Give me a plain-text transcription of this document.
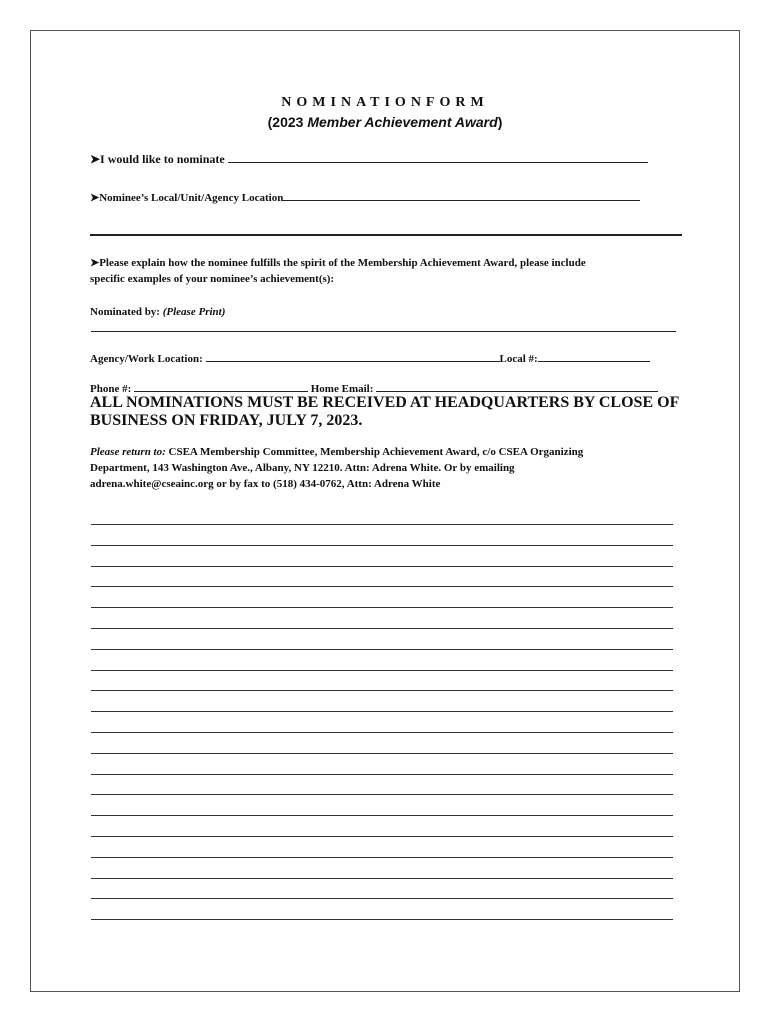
NOMINATIONFORM
(2023 Member Achievement Award)
➤I would like to nominate
➤Nominee’s Local/Unit/Agency Location
➤Please explain how the nominee fulfills the spirit of the Membership Achievement Award, please include
specific examples of your nominee’s achievement(s):
Nominated by: (Please Print)
Agency/Work Location:	Local #:
Phone #:	Home Email:
ALL NOMINATIONS MUST BE RECEIVED AT HEADQUARTERS BY CLOSE OF
BUSINESS ON FRIDAY, JULY 7, 2023.
Please return to: CSEA Membership Committee, Membership Achievement Award, c/o CSEA Organizing
Department, 143 Washington Ave., Albany, NY 12210. Attn: Adrena White. Or by emailing
adrena.white@cseainc.org or by fax to (518) 434-0762, Attn: Adrena White
